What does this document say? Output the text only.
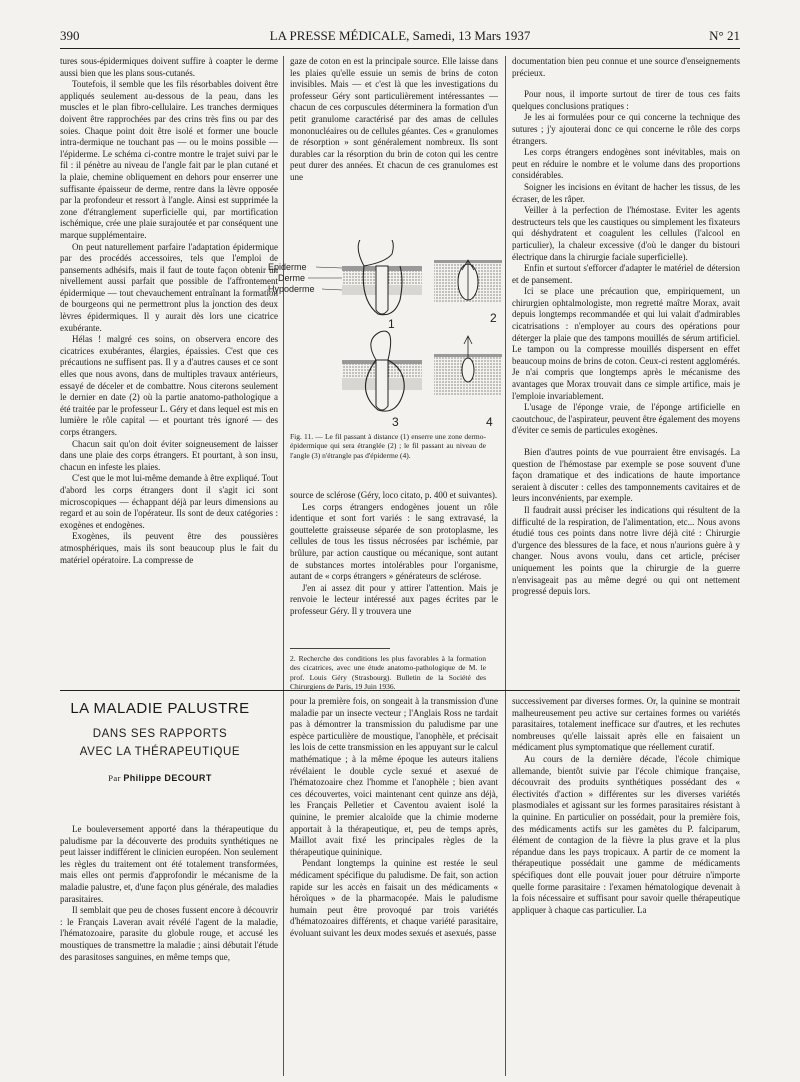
390	LA PRESSE MÉDICALE, Samedi, 13 Mars 1937	N° 21

tures sous-épidermiques doivent suffire à coapter le derme aussi bien que les plans sous-cutanés.

Toutefois, il semble que les fils résorbables doivent être appliqués seulement au-dessous de la peau, dans les muscles et le plan fibro-cellulaire. Les tranches dermiques doivent être rapprochées par des crins très fins ou par des soies. Chaque point doit être isolé et former une boucle intra-dermique ne touchant pas — ou le moins possible — l'épiderme. Le schéma ci-contre montre le trajet suivi par le fil : il pénètre au niveau de l'angle fait par le plan cutané et la plaie, chemine obliquement en dehors pour enserrer une suffisante épaisseur de derme, rentre dans la lèvre opposée par la profondeur et ressort à l'angle. Ainsi est supprimée la zone d'étranglement superficielle qui, par mortification ischémique, crée une plaie surajoutée et par conséquent une marque supplémentaire.

On peut naturellement parfaire l'adaptation épidermique par des procédés accessoires, tels que l'emploi de pansements adhésifs, mais il faut de toute façon obtenir un nivellement aussi parfait que possible de l'affrontement épidermique — tout chevauchement entraînant la formation de bourgeons qui ne permettront plus la jonction des deux lèvres épidermiques. Il y aurait dès lors une cicatrice exubérante.

Hélas ! malgré ces soins, on observera encore des cicatrices exubérantes, élargies, épaissies. C'est que ces précautions ne suffisent pas. Il y a d'autres causes et ce sont elles que nous avons, dans de multiples travaux antérieurs, essayé de déceler et de combattre. Nous citerons seulement le dernier en date (2) où la partie anatomo-pathologique a été traitée par le professeur L. Géry et dans lequel est mis en lumière le rôle capital — et pourtant très ignoré — des corps étrangers.

Chacun sait qu'on doit éviter soigneusement de laisser dans une plaie des corps étrangers. Et pourtant, à son insu, chacun en infeste les plaies.

C'est que le mot lui-même demande à être expliqué. Tout d'abord les corps étrangers dont il s'agit ici sont microscopiques — échappant déjà par leurs dimensions au regard et au soin de l'opérateur. Ils sont de deux catégories : exogènes et endogènes.

Exogènes, ils peuvent être des poussières atmosphériques, mais ils sont beaucoup plus le fait du matériel opératoire. La compresse de

gaze de coton en est la principale source. Elle laisse dans les plaies qu'elle essuie un semis de brins de coton invisibles. Mais — et c'est là que les investigations du professeur Géry sont particulièrement intéressantes — chacun de ces corpuscules déterminera la formation d'un petit granulome caractérisé par des amas de cellules mononucléaires ou de cellules géantes. Ces « granulomes de résorption » sont généralement nombreux. Ils sont durables car la résorption du brin de coton qui les centre peut durer des années. Et chacun de ces granulomes est une

Epiderme
Derme
Hypoderme
1	2
3	4
Fig. 11. — Le fil passant à distance (1) enserre une zone dermo-épidermique qui sera étranglée (2) ; le fil passant au niveau de l'angle (3) n'étrangle pas d'épiderme (4).

source de sclérose (Géry, loco citato, p. 400 et suivantes).

Les corps étrangers endogènes jouent un rôle identique et sont fort variés : le sang extravasé, la gouttelette graisseuse séparée de son protoplasme, les cellules de tous les tissus nécrosées par ischémie, par brûlure, par action caustique ou mécanique, sont autant de substances mortes intolérables pour l'organisme, autant de « corps étrangers » générateurs de sclérose.

J'en ai assez dit pour y attirer l'attention. Mais je renvoie le lecteur intéressé aux pages écrites par le professeur Géry. Il y trouvera une

2. Recherche des conditions les plus favorables à la formation des cicatrices, avec une étude anatomo-pathologique de M. le prof. Louis Géry (Strasbourg). Bulletin de la Société des Chirurgiens de Paris, 19 Juin 1936.

documentation bien peu connue et une source d'enseignements précieux.

Pour nous, il importe surtout de tirer de tous ces faits quelques conclusions pratiques :

Je les ai formulées pour ce qui concerne la technique des sutures ; j'y ajouterai donc ce qui concerne le rôle des corps étrangers.

Les corps étrangers endogènes sont inévitables, mais on peut en réduire le nombre et le volume dans des proportions considérables.

Soigner les incisions en évitant de hacher les tissus, de les écraser, de les râper.

Veiller à la perfection de l'hémostase. Eviter les agents destructeurs tels que les caustiques ou simplement les fixateurs qui déshydratent et coagulent les cellules (l'alcool en particulier), la chaleur excessive (d'où le danger du bistouri électrique dans la chirurgie faciale superficielle).

Enfin et surtout s'efforcer d'adapter le matériel de détersion et de pansement.

Ici se place une précaution que, empiriquement, un chirurgien ophtalmologiste, mon regretté maître Morax, avait depuis longtemps recommandée et qui lui valait d'admirables cicatrisations : n'employer au cours des opérations pour déterger la plaie que des tampons mouillés de sérum artificiel. Le tampon ou la compresse mouillés dispersent en effet beaucoup moins de brins de coton. Ceux-ci restent agglomérés. Je n'ai compris que longtemps après le mécanisme des avantages que Morax trouvait dans ce simple artifice, mais je l'emploie invariablement.

L'usage de l'éponge vraie, de l'éponge artificielle en caoutchouc, de l'aspirateur, peuvent être également des moyens d'éviter ce semis de particules exogènes.

Bien d'autres points de vue pourraient être envisagés. La question de l'hémostase par exemple se pose souvent d'une façon dramatique et des indications de haute importance seraient à discuter : celles des tamponnements cavitaires et de leurs inconvénients, par exemple.

Il faudrait aussi préciser les indications qui résultent de la difficulté de la respiration, de l'alimentation, etc... Nous avons étudié tous ces points dans notre livre déjà cité : Chirurgie d'urgence des blessures de la face, et nous n'aurions guère à y changer. Nous avons voulu, dans cet article, préciser uniquement les points que la chirurgie de la guerre n'envisageait pas au même degré ou qui ont nettement progressé depuis lors.

LA MALADIE PALUSTRE
DANS SES RAPPORTS
AVEC LA THÉRAPEUTIQUE
Par Philippe DECOURT

Le bouleversement apporté dans la thérapeutique du paludisme par la découverte des produits synthétiques ne peut laisser indifférent le clinicien européen. Non seulement les règles du traitement ont été totalement transformées, mais elles ont permis d'approfondir le mécanisme de la maladie palustre, et, d'une façon plus générale, des maladies parasitaires.

Il semblait que peu de choses fussent encore à découvrir : le Français Laveran avait révélé l'agent de la maladie, l'hématozoaire, parasite du globule rouge, et accusé les moustiques de transmettre la maladie ; ainsi débutait l'étude des parasitoses sanguines, en même temps que,

pour la première fois, on songeait à la transmission d'une maladie par un insecte vecteur ; l'Anglais Ross ne tardait pas à démontrer la transmission du paludisme par une espèce particulière de moustique, l'anophèle, et précisait les lois de cette transmission en les appuyant sur le calcul mathématique ; à la même époque les auteurs italiens révélaient le double cycle sexué et asexué de l'hématozoaire chez l'homme et l'anophèle ; bien avant ces découvertes, voici maintenant cent quinze ans déjà, les Français Pelletier et Caventou avaient isolé la quinine, le premier alcaloïde que la chimie moderne apportait à la thérapeutique, et, peu de temps après, Maillot avait fixé les principales règles de la thérapeutique quininique.

Pendant longtemps la quinine est restée le seul médicament spécifique du paludisme. De fait, son action rapide sur les accès en faisait un des médicaments « héroïques » de la pharmacopée. Mais le paludisme humain peut être provoqué par trois variétés d'hématozoaires différents, et chaque variété parasitaire, évoluant suivant les deux modes sexués et asexués, passe

successivement par diverses formes. Or, la quinine se montrait malheureusement peu active sur certaines formes ou variétés parasitaires, totalement inefficace sur d'autres, et les rechutes nombreuses qu'elle laissait après elle en faisaient un médicament plus symptomatique que réellement curatif.

Au cours de la dernière décade, l'école chimique allemande, bientôt suivie par l'école chimique française, découvrait des produits synthétiques possédant des « électivités d'action » différentes sur les diverses variétés plasmodiales et agissant sur les formes parasitaires résistant à la quinine. En particulier on possédait, pour la première fois, des médicaments actifs sur les gamètes du P. falciparum, élément de contagion de la fièvre la plus grave et la plus répandue dans les pays tropicaux. A partir de ce moment la thérapeutique possédait une gamme de médicaments spécifiques dont elle pouvait jouer pour détruire n'importe quelle forme parasitaire : l'examen hématologique devenait à la fois nécessaire et suffisant pour savoir quelle thérapeutique appliquer à chaque cas particulier. La
